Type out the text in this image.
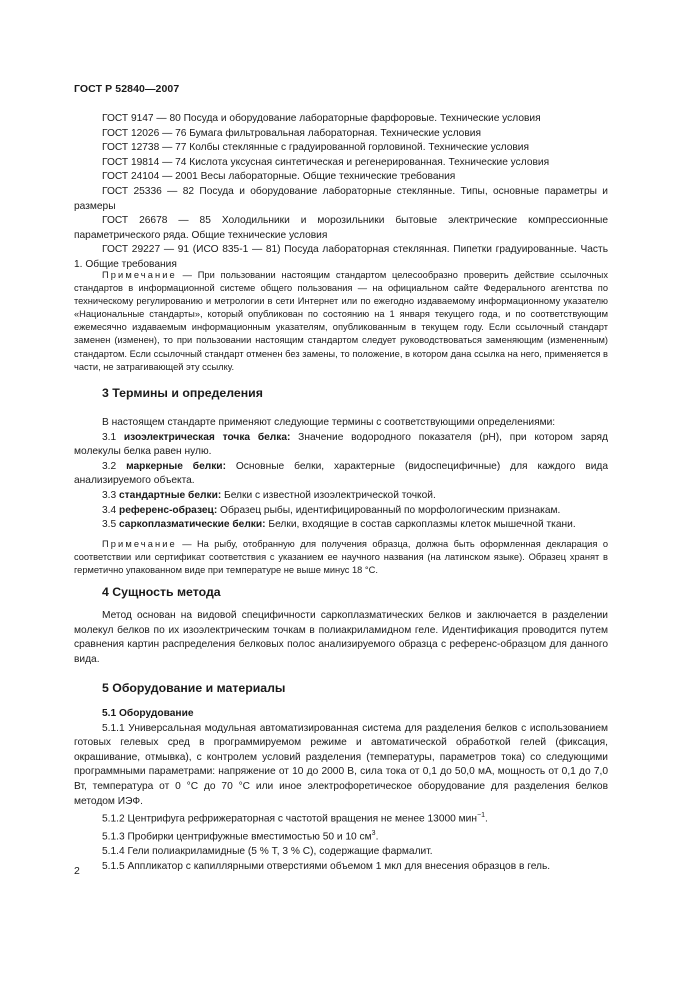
ГОСТ Р 52840—2007

ГОСТ 9147 — 80 Посуда и оборудование лабораторные фарфоровые. Технические условия

ГОСТ 12026 — 76 Бумага фильтровальная лабораторная. Технические условия

ГОСТ 12738 — 77 Колбы стеклянные с градуированной горловиной. Технические условия

ГОСТ 19814 — 74 Кислота уксусная синтетическая и регенерированная. Технические условия

ГОСТ 24104 — 2001 Весы лабораторные. Общие технические требования

ГОСТ 25336 — 82 Посуда и оборудование лабораторные стеклянные. Типы, основные параметры и размеры

ГОСТ 26678 — 85 Холодильники и морозильники бытовые электрические компрессионные параметрического ряда. Общие технические условия

ГОСТ 29227 — 91 (ИСО 835-1 — 81) Посуда лабораторная стеклянная. Пипетки градуированные. Часть 1. Общие требования

Примечание — При пользовании настоящим стандартом целесообразно проверить действие ссылочных стандартов в информационной системе общего пользования — на официальном сайте Федерального агентства по техническому регулированию и метрологии в сети Интернет или по ежегодно издаваемому информационному указателю «Национальные стандарты», который опубликован по состоянию на 1 января текущего года, и по соответствующим ежемесячно издаваемым информационным указателям, опубликованным в текущем году. Если ссылочный стандарт заменен (изменен), то при пользовании настоящим стандартом следует руководствоваться заменяющим (измененным) стандартом. Если ссылочный стандарт отменен без замены, то положение, в котором дана ссылка на него, применяется в части, не затрагивающей эту ссылку.

3 Термины и определения

В настоящем стандарте применяют следующие термины с соответствующими определениями:

3.1 изоэлектрическая точка белка: Значение водородного показателя (рН), при котором заряд молекулы белка равен нулю.

3.2 маркерные белки: Основные белки, характерные (видоспецифичные) для каждого вида анализируемого объекта.

3.3 стандартные белки: Белки с известной изоэлектрической точкой.

3.4 референс-образец: Образец рыбы, идентифицированный по морфологическим признакам.

3.5 саркоплазматические белки: Белки, входящие в состав саркоплазмы клеток мышечной ткани.

Примечание — На рыбу, отобранную для получения образца, должна быть оформленная декларация о соответствии или сертификат соответствия с указанием ее научного названия (на латинском языке). Образец хранят в герметично упакованном виде при температуре не выше минус 18 °С.

4 Сущность метода

Метод основан на видовой специфичности саркоплазматических белков и заключается в разделении молекул белков по их изоэлектрическим точкам в полиакриламидном геле. Идентификация проводится путем сравнения картин распределения белковых полос анализируемого образца с референс-образцом для данного вида.

5 Оборудование и материалы

5.1 Оборудование

5.1.1 Универсальная модульная автоматизированная система для разделения белков с использованием готовых гелевых сред в программируемом режиме и автоматической обработкой гелей (фиксация, окрашивание, отмывка), с контролем условий разделения (температуры, параметров тока) со следующими программными параметрами: напряжение от 10 до 2000 В, сила тока от 0,1 до 50,0 мА, мощность от 0,1 до 7,0 Вт, температура от 0 °С до 70 °С или иное электрофоретическое оборудование для разделения белков методом ИЭФ.

5.1.2 Центрифуга рефрижераторная с частотой вращения не менее 13000 мин$^{-1}$.

5.1.3 Пробирки центрифужные вместимостью 50 и 10 $см^3$.

5.1.4 Гели полиакриламидные (5 % Т, 3 % С), содержащие фармалит.

5.1.5 Аппликатор с капиллярными отверстиями объемом 1 мкл для внесения образцов в гель.

2
